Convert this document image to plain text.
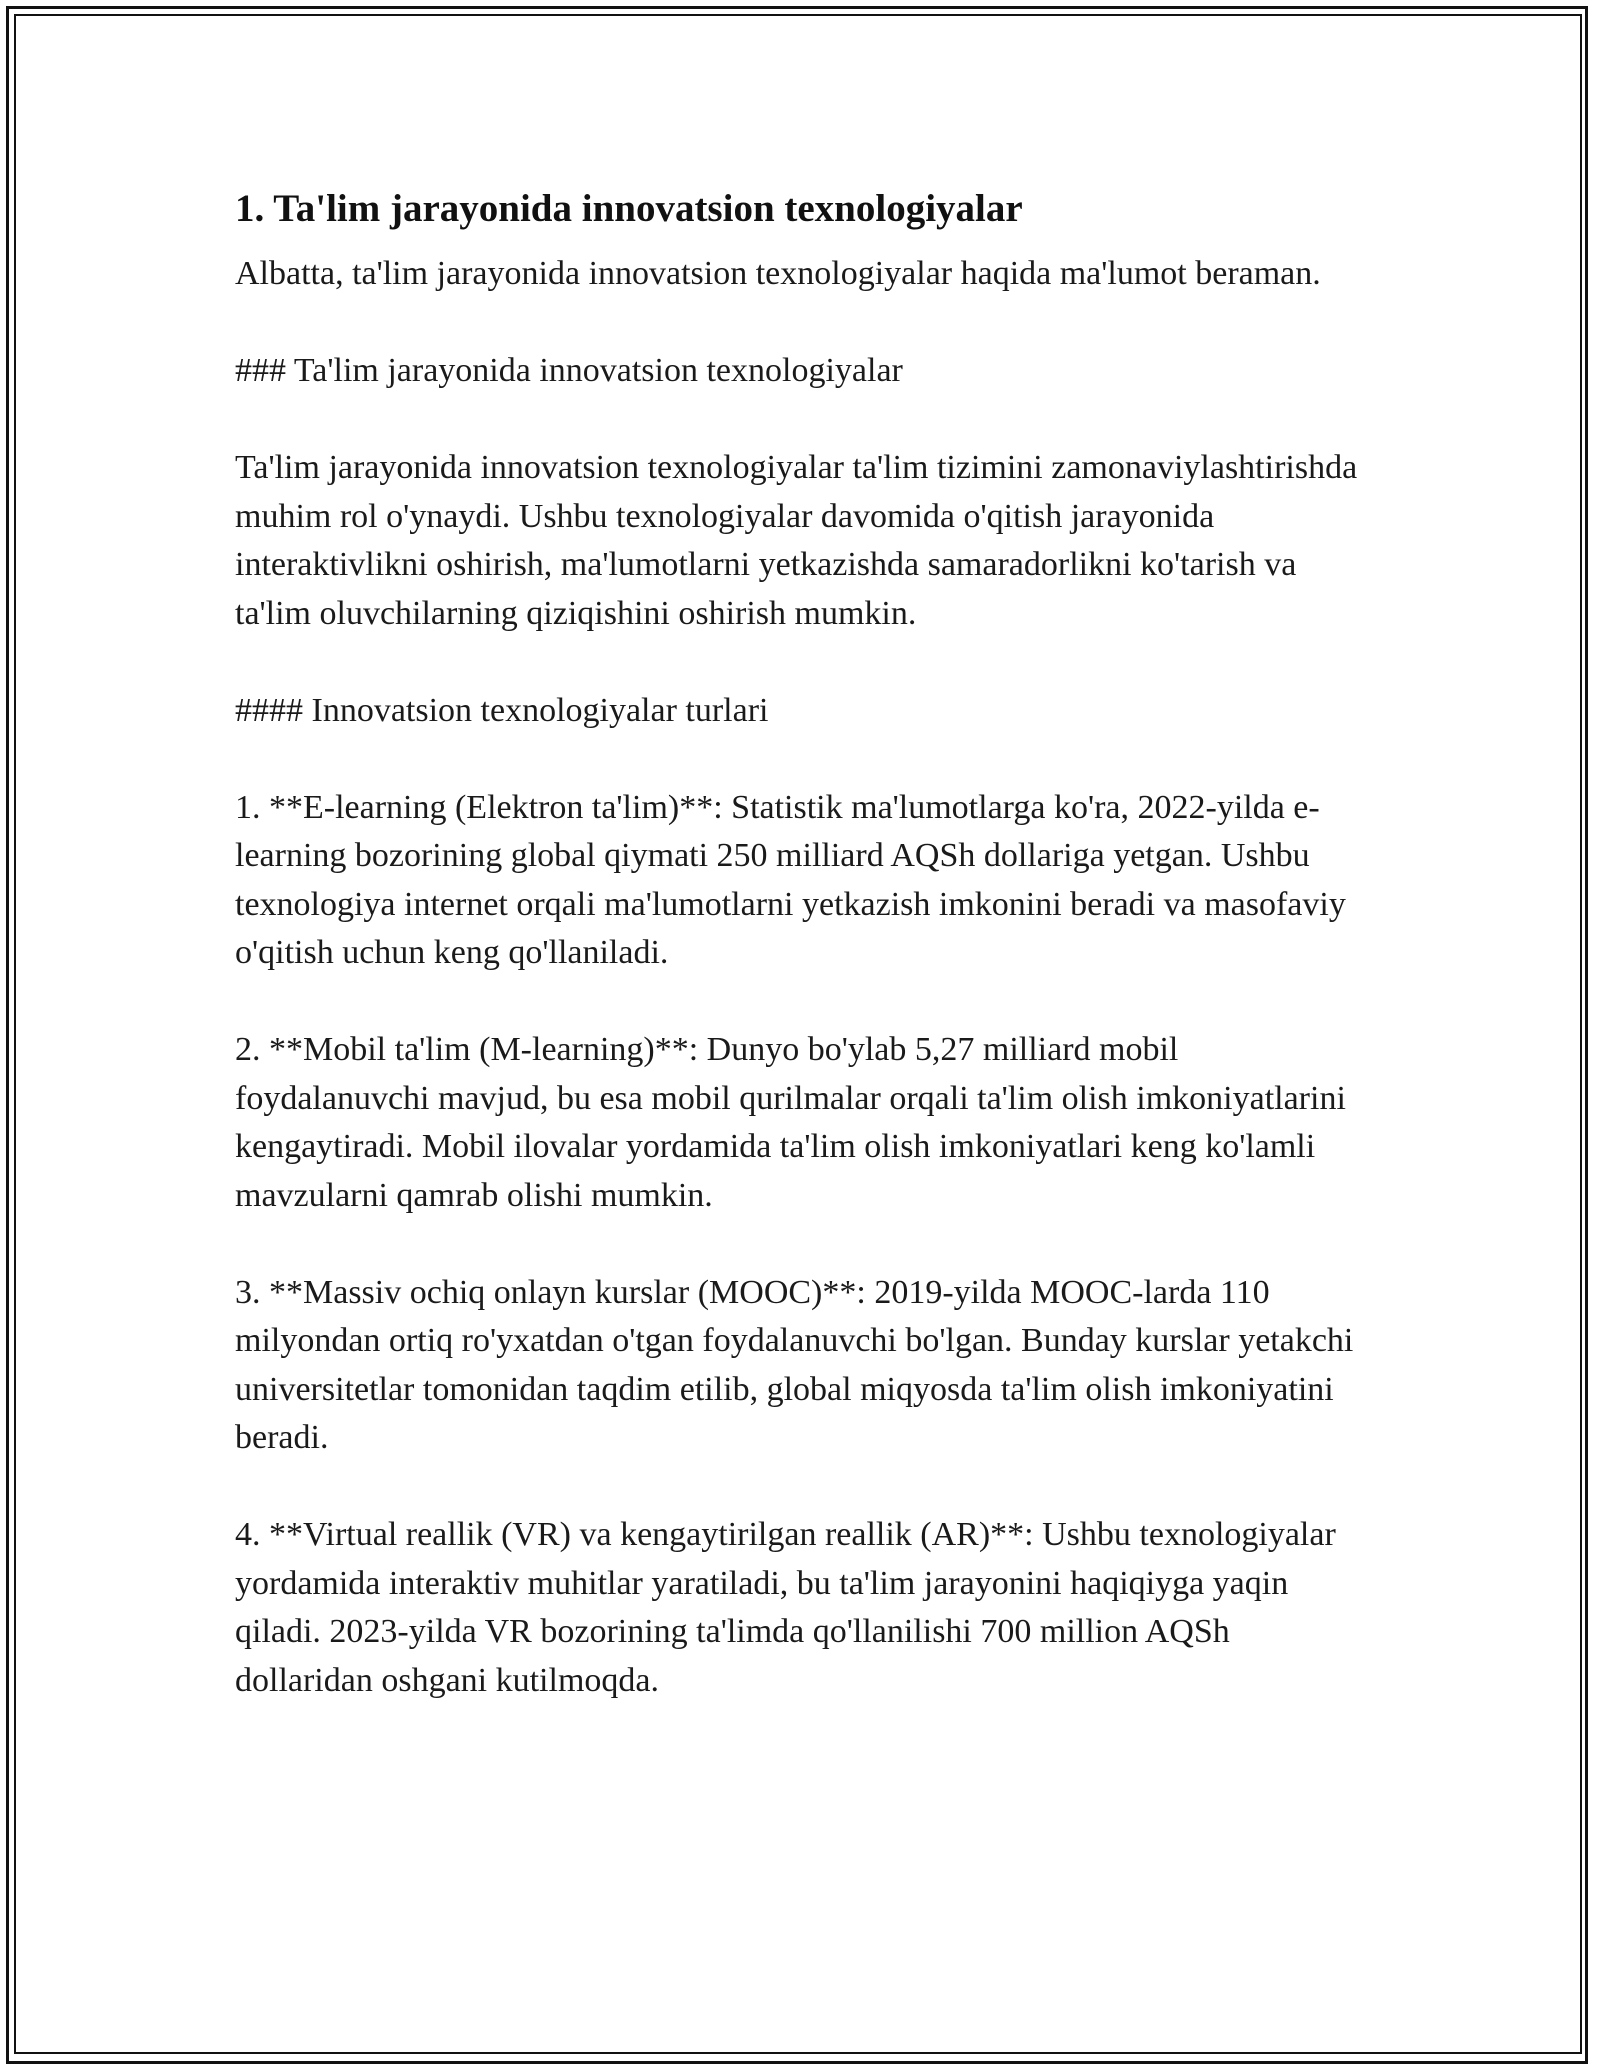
1. Ta'lim jarayonida innovatsion texnologiyalar

Albatta, ta'lim jarayonida innovatsion texnologiyalar haqida ma'lumot beraman.

### Ta'lim jarayonida innovatsion texnologiyalar

Ta'lim jarayonida innovatsion texnologiyalar ta'lim tizimini zamonaviylashtirishda muhim rol o'ynaydi. Ushbu texnologiyalar davomida o'qitish jarayonida interaktivlikni oshirish, ma'lumotlarni yetkazishda samaradorlikni ko'tarish va ta'lim oluvchilarning qiziqishini oshirish mumkin.

#### Innovatsion texnologiyalar turlari

1. **E-learning (Elektron ta'lim)**: Statistik ma'lumotlarga ko'ra, 2022-yilda e-learning bozorining global qiymati 250 milliard AQSh dollariga yetgan. Ushbu texnologiya internet orqali ma'lumotlarni yetkazish imkonini beradi va masofaviy o'qitish uchun keng qo'llaniladi.

2. **Mobil ta'lim (M-learning)**: Dunyo bo'ylab 5,27 milliard mobil foydalanuvchi mavjud, bu esa mobil qurilmalar orqali ta'lim olish imkoniyatlarini kengaytiradi. Mobil ilovalar yordamida ta'lim olish imkoniyatlari keng ko'lamli mavzularni qamrab olishi mumkin.

3. **Massiv ochiq onlayn kurslar (MOOC)**: 2019-yilda MOOC-larda 110 milyondan ortiq ro'yxatdan o'tgan foydalanuvchi bo'lgan. Bunday kurslar yetakchi universitetlar tomonidan taqdim etilib, global miqyosda ta'lim olish imkoniyatini beradi.

4. **Virtual reallik (VR) va kengaytirilgan reallik (AR)**: Ushbu texnologiyalar yordamida interaktiv muhitlar yaratiladi, bu ta'lim jarayonini haqiqiyga yaqin qiladi. 2023-yilda VR bozorining ta'limda qo'llanilishi 700 million AQSh dollaridan oshgani kutilmoqda.
